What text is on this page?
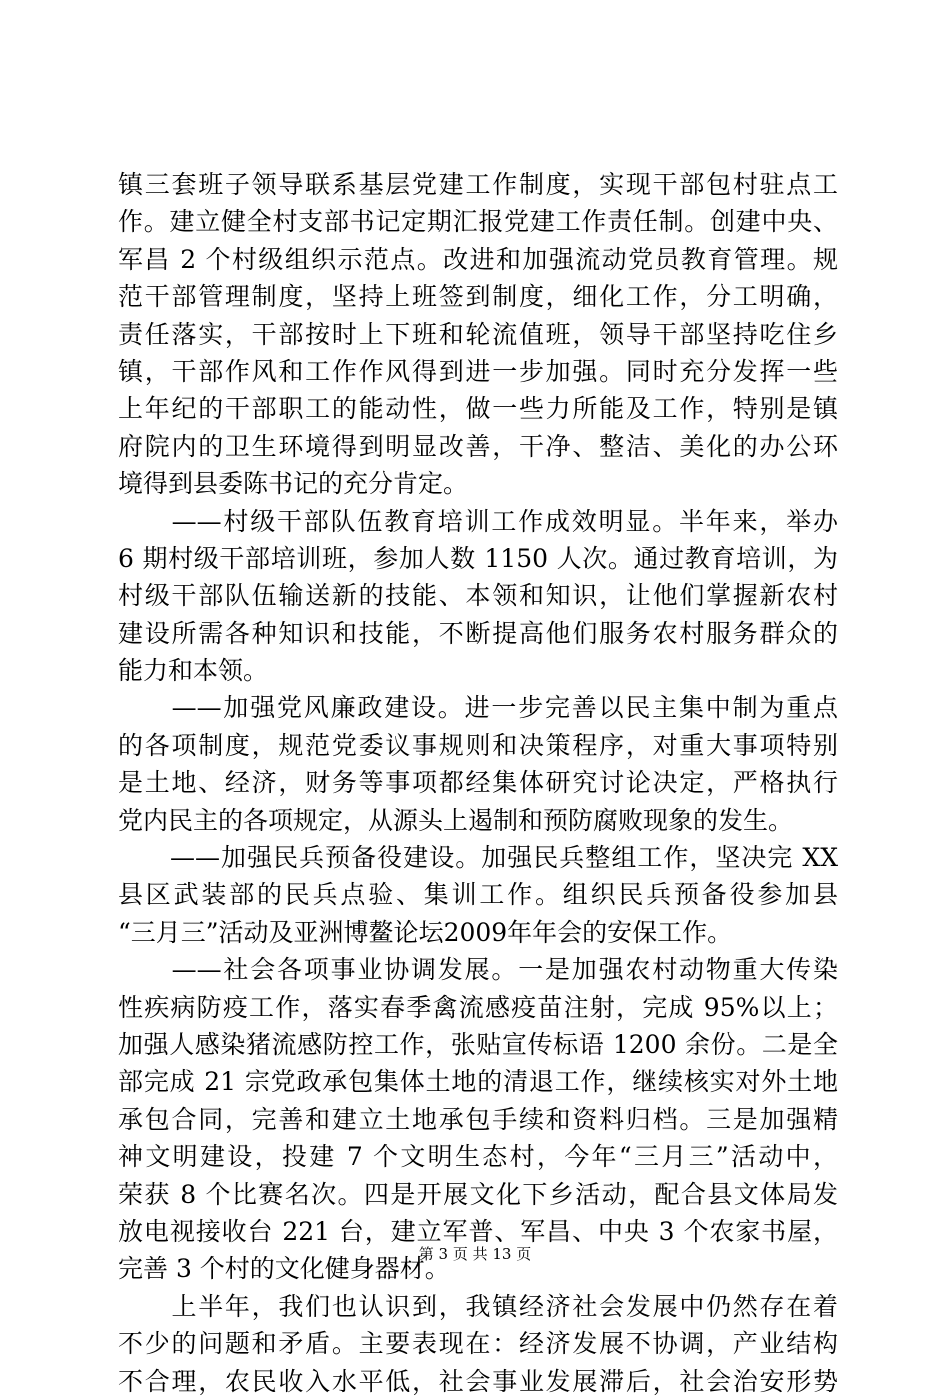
镇三套班子领导联系基层党建工作制度，实现干部包村驻点工
作。建立健全村支部书记定期汇报党建工作责任制。创建中央、
军昌 2 个村级组织示范点。改进和加强流动党员教育管理。规
范干部管理制度，坚持上班签到制度，细化工作，分工明确，
责任落实，干部按时上下班和轮流值班，领导干部坚持吃住乡
镇，干部作风和工作作风得到进一步加强。同时充分发挥一些
上年纪的干部职工的能动性，做一些力所能及工作，特别是镇
府院内的卫生环境得到明显改善，干净、整洁、美化的办公环
境得到县委陈书记的充分肯定。
　　——村级干部队伍教育培训工作成效明显。半年来，举办
6 期村级干部培训班，参加人数 1150 人次。通过教育培训，为
村级干部队伍输送新的技能、本领和知识，让他们掌握新农村
建设所需各种知识和技能，不断提高他们服务农村服务群众的
能力和本领。
　　——加强党风廉政建设。进一步完善以民主集中制为重点
的各项制度，规范党委议事规则和决策程序，对重大事项特别
是土地、经济，财务等事项都经集体研究讨论决定，严格执行
党内民主的各项规定，从源头上遏制和预防腐败现象的发生。
　　——加强民兵预备役建设。加强民兵整组工作，坚决完 XX
县区武装部的民兵点验、集训工作。组织民兵预备役参加县
“三月三”活动及亚洲博鳌论坛2009年年会的安保工作。
　　——社会各项事业协调发展。一是加强农村动物重大传染
性疾病防疫工作，落实春季禽流感疫苗注射，完成 95%以上；
加强人感染猪流感防控工作，张贴宣传标语 1200 余份。二是全
部完成 21 宗党政承包集体土地的清退工作，继续核实对外土地
承包合同，完善和建立土地承包手续和资料归档。三是加强精
神文明建设，投建 7 个文明生态村，今年“三月三”活动中，
荣获 8 个比赛名次。四是开展文化下乡活动，配合县文体局发
放电视接收台 221 台，建立军普、军昌、中央 3 个农家书屋，
完善 3 个村的文化健身器材。
　　上半年，我们也认识到，我镇经济社会发展中仍然存在着
不少的问题和矛盾。主要表现在：经济发展不协调，产业结构
不合理，农民收入水平低，社会事业发展滞后，社会治安形势
第 3 页 共 13 页
